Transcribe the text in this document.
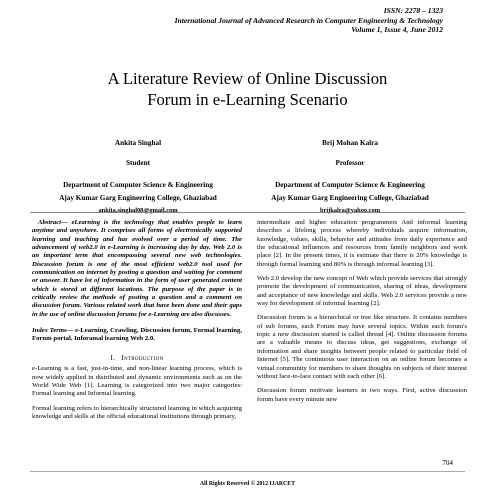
ISSN: 2278 – 1323
International Journal of Advanced Research in Computer Engineering & Technology
Volume 1, Issue 4, June 2012
A Literature Review of Online Discussion
Forum in e-Learning Scenario
Ankita Singhal
Student
Department of Computer Science & Engineering
Ajay Kumar Garg Engineering College, Ghaziabad
ankita.singhal08@gmail.com
Brij Mohan Kalra
Professor
Department of Computer Science & Engineering
Ajay Kumar Garg Engineering College, Ghaziabad
brijkalra@yahoo.com

Abstract— eLearning is the technology that enables people to learn anytime and anywhere. It comprises all forms of electronically supported learning and teaching and has evolved over a period of time. The advancement of web2.0 in e-Learning is increasing day by day. Web 2.0 is an important term that encompassing several new web technologies. Discussion forum is one of the most efficient web2.0 tool used for communication on internet by posting a question and waiting for comment or answer. It have lot of information in the form of user generated content which is stored at different locations. The purpose of the paper is to critically review the methods of posting a question and a comment on discussion forum. Various related work that have been done and their gaps in the use of online discussion forums for e-Learning are also discusses.

Index Terms— e-Learning, Crawling, Discussion forum, Formal learning, Forum portal, Inforamal learning Web 2.0.

I. Introduction

e-Learning is a fast, just-in-time, and non-linear learning process, which is now widely applied in distributed and dynamic environments such as on the World Wide Web [1]. Learning is categorized into two major categories: Formal learning and Informal learning.

Formal learning refers to hierarchically structured learning in which acquiring knowledge and skills at the official educational institutions through primary,

intermediate and higher education programmers And informal learning describes a lifelong process whereby individuals acquire information, knowledge, values, skills, behavior and attitudes from daily experience and the educational influences and resources from family neighbors and work place [2]. In the present times, it is estimate that there is 20% knowledge is through formal learning and 80% is through informal learning [3].

Web 2.0 develop the new concept of Web which provide services that strongly promote the development of communication, sharing of ideas, development and acceptance of new knowledge and skills. Web 2.0 services provide a new way for development of informal learning [2].

Discussion forum is a hierarchical or tree like structure. It contains numbers of sub forums, each Forum may have several topics. Within each forum's topic a new discussion started is called thread [4]. Online discussion forums are a valuable means to discuss ideas, get suggestions, exchange of information and share insights between people related to particular field of Internet [5]. The continuous user interaction on an online forum becomes a virtual community for members to share thoughts on subjects of their interest without face-to-face contact with each other [6].

Discussion forum motivate learners in two ways. First, active discussion forum have every minute new

704
All Rights Reserved © 2012 IJARCET
